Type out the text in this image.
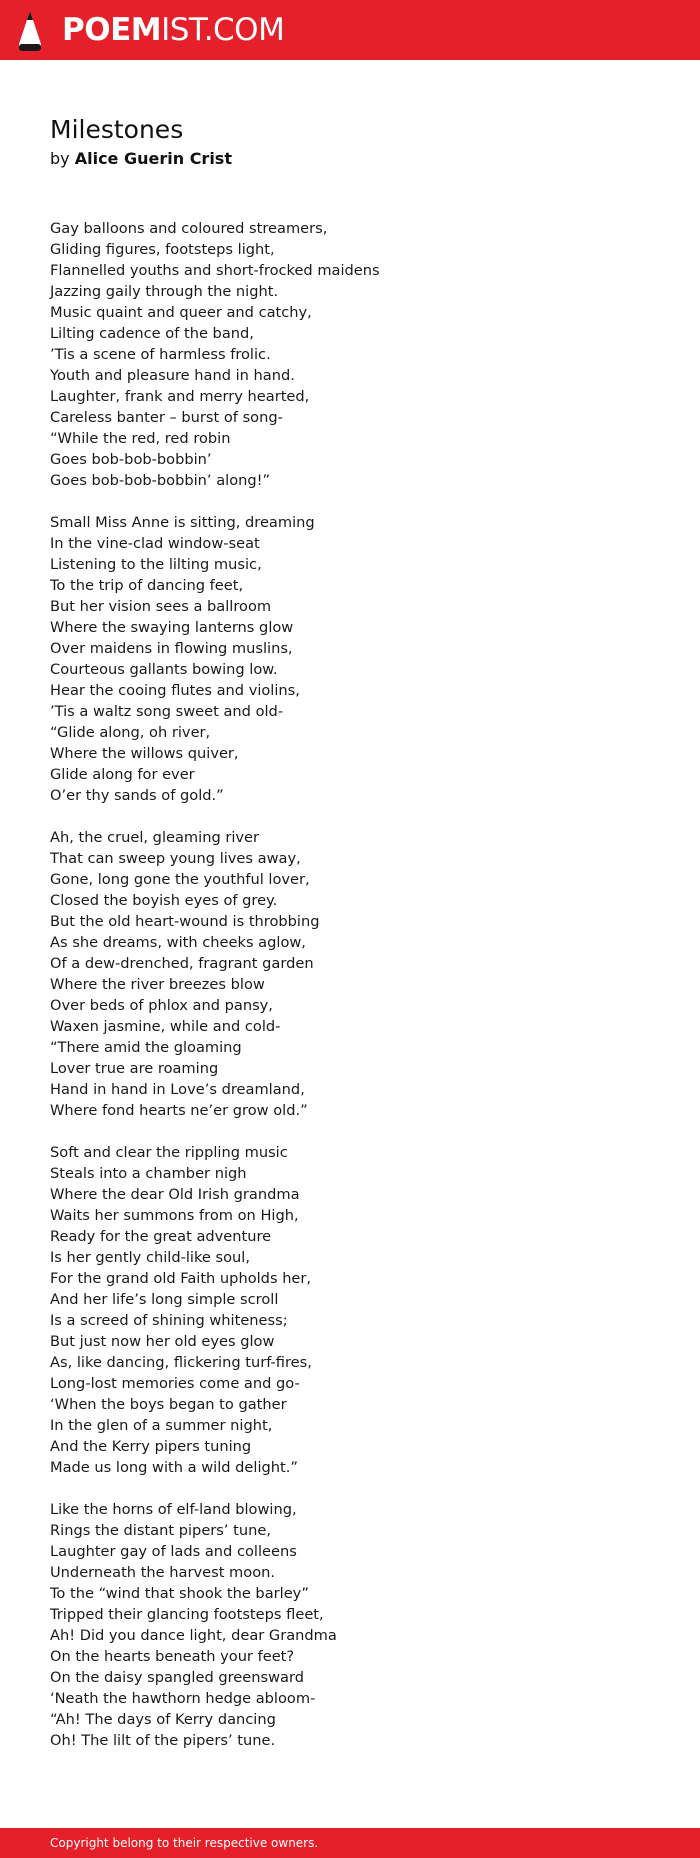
POEMIST.COM
Milestones
by Alice Guerin Crist
Gay balloons and coloured streamers,
Gliding figures, footsteps light,
Flannelled youths and short-frocked maidens
Jazzing gaily through the night.
Music quaint and queer and catchy,
Lilting cadence of the band,
’Tis a scene of harmless frolic.
Youth and pleasure hand in hand.
Laughter, frank and merry hearted,
Careless banter – burst of song-
“While the red, red robin
Goes bob-bob-bobbin’
Goes bob-bob-bobbin’ along!”
Small Miss Anne is sitting, dreaming
In the vine-clad window-seat
Listening to the lilting music,
To the trip of dancing feet,
But her vision sees a ballroom
Where the swaying lanterns glow
Over maidens in flowing muslins,
Courteous gallants bowing low.
Hear the cooing flutes and violins,
’Tis a waltz song sweet and old-
“Glide along, oh river,
Where the willows quiver,
Glide along for ever
O’er thy sands of gold.”
Ah, the cruel, gleaming river
That can sweep young lives away,
Gone, long gone the youthful lover,
Closed the boyish eyes of grey.
But the old heart-wound is throbbing
As she dreams, with cheeks aglow,
Of a dew-drenched, fragrant garden
Where the river breezes blow
Over beds of phlox and pansy,
Waxen jasmine, while and cold-
“There amid the gloaming
Lover true are roaming
Hand in hand in Love’s dreamland,
Where fond hearts ne’er grow old.”
Soft and clear the rippling music
Steals into a chamber nigh
Where the dear Old Irish grandma
Waits her summons from on High,
Ready for the great adventure
Is her gently child-like soul,
For the grand old Faith upholds her,
And her life’s long simple scroll
Is a screed of shining whiteness;
But just now her old eyes glow
As, like dancing, flickering turf-fires,
Long-lost memories come and go-
‘When the boys began to gather
In the glen of a summer night,
And the Kerry pipers tuning
Made us long with a wild delight.”
Like the horns of elf-land blowing,
Rings the distant pipers’ tune,
Laughter gay of lads and colleens
Underneath the harvest moon.
To the “wind that shook the barley”
Tripped their glancing footsteps fleet,
Ah! Did you dance light, dear Grandma
On the hearts beneath your feet?
On the daisy spangled greensward
‘Neath the hawthorn hedge abloom-
“Ah! The days of Kerry dancing
Oh! The lilt of the pipers’ tune.
Copyright belong to their respective owners.
